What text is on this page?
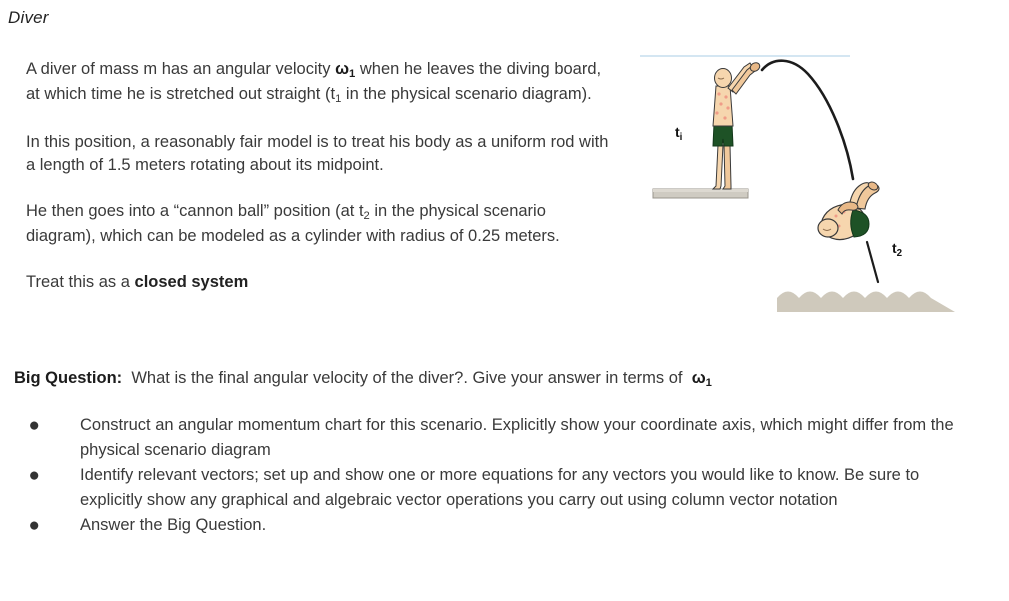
Diver

A diver of mass m has an angular velocity $\omega_1$ when he leaves the diving board, at which time he is stretched out straight ($t_1$ in the physical scenario diagram).

In this position, a reasonably fair model is to treat his body as a uniform rod with a length of 1.5 meters rotating about its midpoint.

He then goes into a “cannon ball” position (at $t_2$ in the physical scenario diagram), which can be modeled as a cylinder with radius of 0.25 meters.

Treat this as a closed system

Big Question: What is the final angular velocity of the diver?. Give your answer in terms of $\omega_1$
● Construct an angular momentum chart for this scenario. Explicitly show your coordinate axis, which might differ from the physical scenario diagram
● Identify relevant vectors; set up and show one or more equations for any vectors you would like to know. Be sure to explicitly show any graphical and algebraic vector operations you carry out using column vector notation
● Answer the Big Question.
$t_i$
$t_2$
